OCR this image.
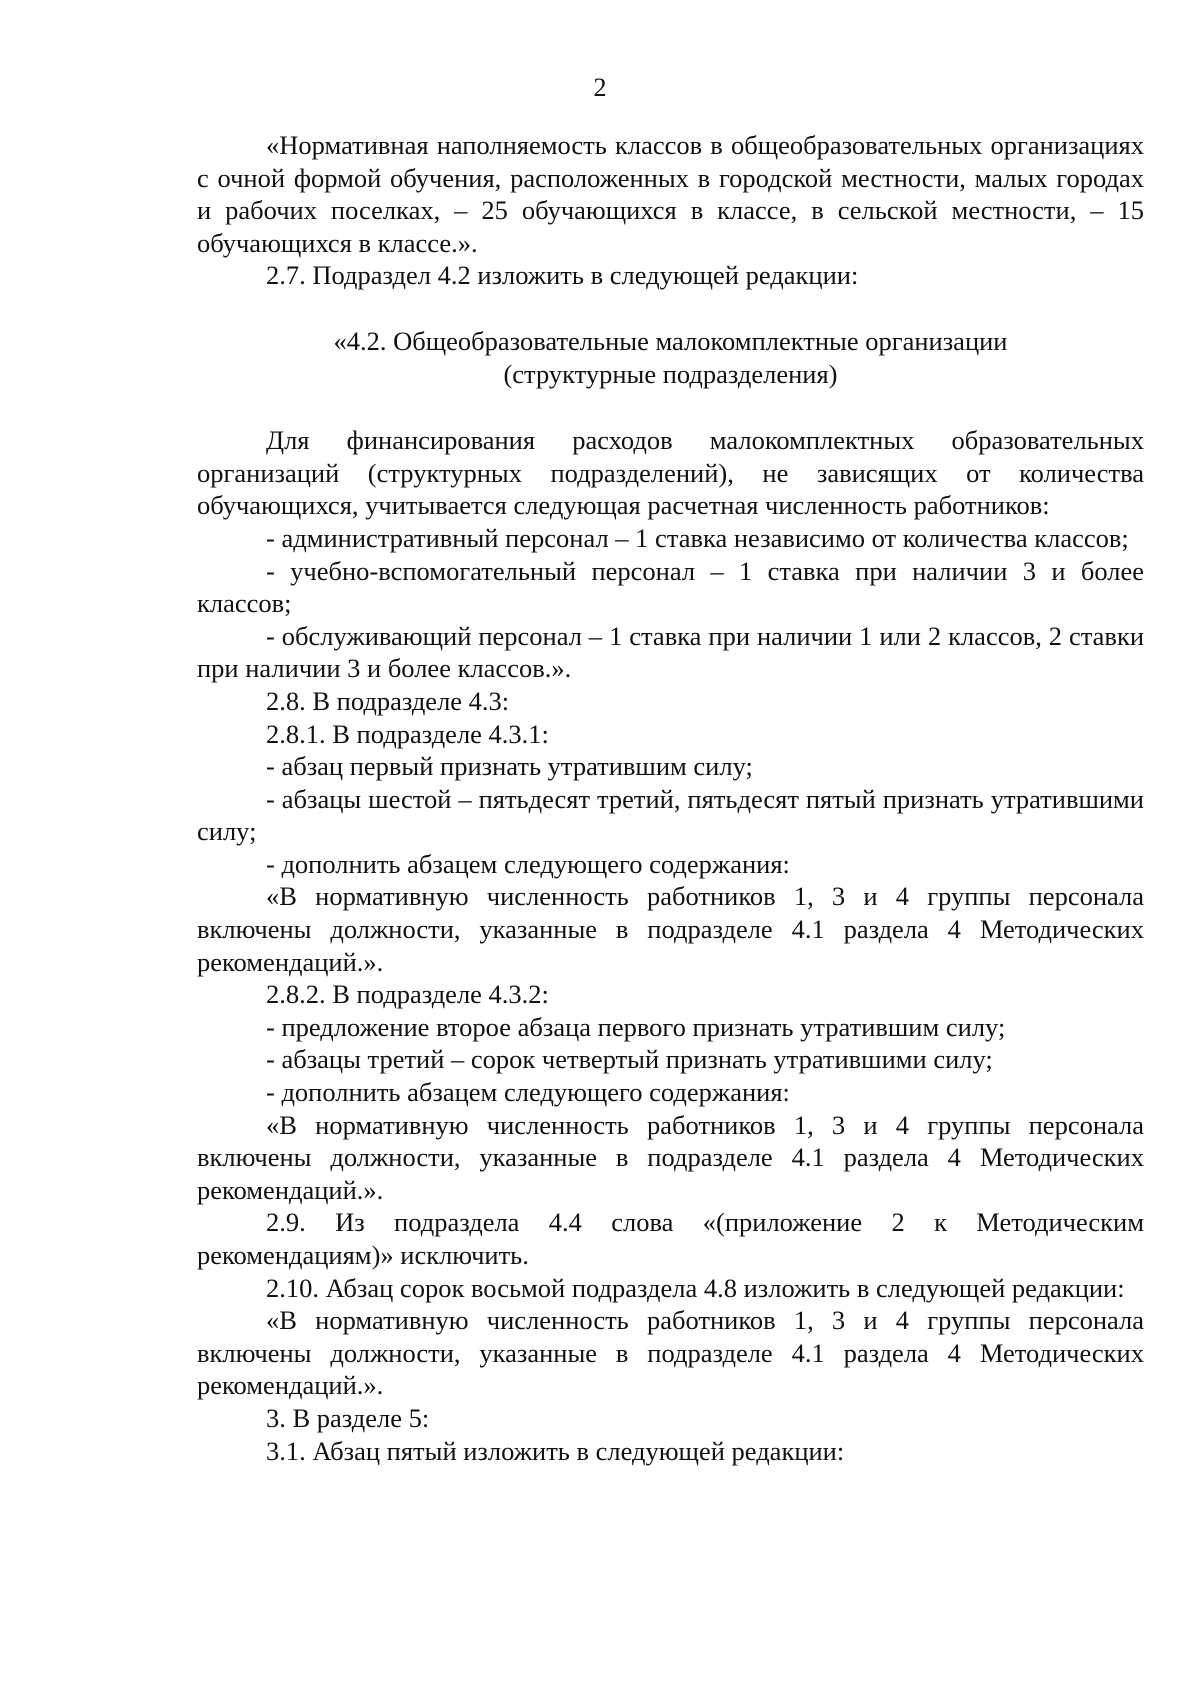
2

«Нормативная наполняемость классов в общеобразовательных организациях с очной формой обучения, расположенных в городской местности, малых городах и рабочих поселках, – 25 обучающихся в классе, в сельской местности, – 15 обучающихся в классе.».

2.7. Подраздел 4.2 изложить в следующей редакции:

«4.2. Общеобразовательные малокомплектные организации

(структурные подразделения)

Для финансирования расходов малокомплектных образовательных организаций (структурных подразделений), не зависящих от количества обучающихся, учитывается следующая расчетная численность работников:

- административный персонал – 1 ставка независимо от количества классов;

- учебно-вспомогательный персонал – 1 ставка при наличии 3 и более классов;

- обслуживающий персонал – 1 ставка при наличии 1 или 2 классов, 2 ставки при наличии 3 и более классов.».

2.8. В подразделе 4.3:

2.8.1. В подразделе 4.3.1:

- абзац первый признать утратившим силу;

- абзацы шестой – пятьдесят третий, пятьдесят пятый признать утратившими силу;

- дополнить абзацем следующего содержания:

«В нормативную численность работников 1, 3 и 4 группы персонала включены должности, указанные в подразделе 4.1 раздела 4 Методических рекомендаций.».

2.8.2. В подразделе 4.3.2:

- предложение второе абзаца первого признать утратившим силу;

- абзацы третий – сорок четвертый признать утратившими силу;

- дополнить абзацем следующего содержания:

«В нормативную численность работников 1, 3 и 4 группы персонала включены должности, указанные в подразделе 4.1 раздела 4 Методических рекомендаций.».

2.9. Из подраздела 4.4 слова «(приложение 2 к Методическим рекомендациям)» исключить.

2.10. Абзац сорок восьмой подраздела 4.8 изложить в следующей редакции:

«В нормативную численность работников 1, 3 и 4 группы персонала включены должности, указанные в подразделе 4.1 раздела 4 Методических рекомендаций.».

3. В разделе 5:

3.1. Абзац пятый изложить в следующей редакции:
